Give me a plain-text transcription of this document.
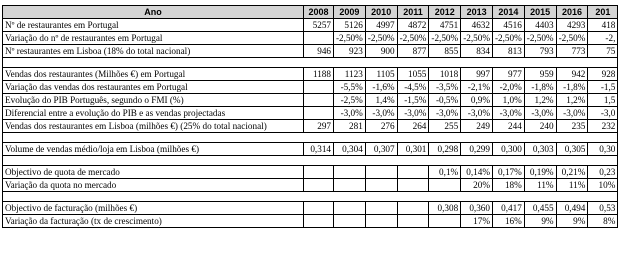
Ano	2008	2009	2010	2011	2012	2013	2014	2015	2016	201
Nº de restaurantes em Portugal	5257	5126	4997	4872	4751	4632	4516	4403	4293	418
Variação do nº de restaurantes em Portugal		-2,50%	-2,50%	-2,50%	-2,50%	-2,50%	-2,50%	-2,50%	-2,50%	-2,
Nº restaurantes em Lisboa (18% do total nacional)	946	923	900	877	855	834	813	793	773	75

Vendas dos restaurantes (Milhões €) em Portugal	1188	1123	1105	1055	1018	997	977	959	942	928
Variação das vendas dos restaurantes em Portugal		-5,5%	-1,6%	-4,5%	-3,5%	-2,1%	-2,0%	-1,8%	-1,8%	-1,5
Evolução do PIB Português, segundo o FMI (%)		-2,5%	1,4%	-1,5%	-0,5%	0,9%	1,0%	1,2%	1,2%	1,5
Diferencial entre a evolução do PIB e as vendas projectadas		-3,0%	-3,0%	-3,0%	-3,0%	-3,0%	-3,0%	-3,0%	-3,0%	-3,0
Vendas dos restaurantes em Lisboa (milhões €) (25% do total nacional)	297	281	276	264	255	249	244	240	235	232

Volume de vendas médio/loja em Lisboa (milhões €)	0,314	0,304	0,307	0,301	0,298	0,299	0,300	0,303	0,305	0,30

Objectivo de quota de mercado					0,1%	0,14%	0,17%	0,19%	0,21%	0,23
Variação da quota no mercado						20%	18%	11%	11%	10%

Objectivo de facturação (milhões €)					0,308	0,360	0,417	0,455	0,494	0,53
Variação da facturação (tx de crescimento)						17%	16%	9%	9%	8%
